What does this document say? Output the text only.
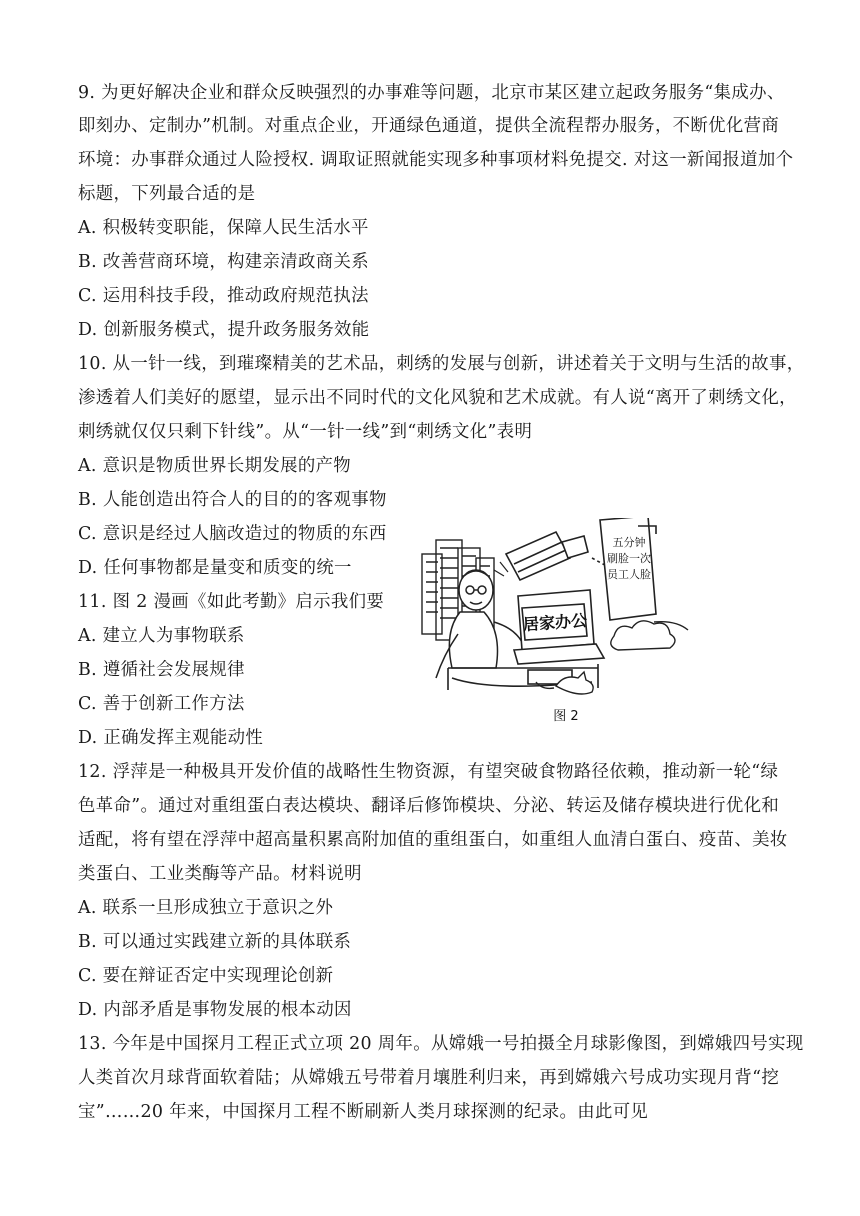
9. 为更好解决企业和群众反映强烈的办事难等问题，北京市某区建立起政务服务“集成办、
即刻办、定制办”机制。对重点企业，开通绿色通道，提供全流程帮办服务，不断优化营商
环境：办事群众通过人险授权. 调取证照就能实现多种事项材料免提交. 对这一新闻报道加个
标题，下列最合适的是
A. 积极转变职能，保障人民生活水平
B. 改善营商环境，构建亲清政商关系
C. 运用科技手段，推动政府规范执法
D. 创新服务模式，提升政务服务效能
10. 从一针一线，到璀璨精美的艺术品，刺绣的发展与创新，讲述着关于文明与生活的故事，
渗透着人们美好的愿望，显示出不同时代的文化风貌和艺术成就。有人说“离开了刺绣文化，
刺绣就仅仅只剩下针线”。从“一针一线”到“刺绣文化”表明
A. 意识是物质世界长期发展的产物
B. 人能创造出符合人的目的的客观事物
C. 意识是经过人脑改造过的物质的东西
D. 任何事物都是量变和质变的统一
11. 图 2 漫画《如此考勤》启示我们要
A. 建立人为事物联系
B. 遵循社会发展规律
C. 善于创新工作方法
D. 正确发挥主观能动性
12. 浮萍是一种极具开发价值的战略性生物资源，有望突破食物路径依赖，推动新一轮“绿
色革命”。通过对重组蛋白表达模块、翻译后修饰模块、分泌、转运及储存模块进行优化和
适配，将有望在浮萍中超高量积累高附加值的重组蛋白，如重组人血清白蛋白、疫苗、美妆
类蛋白、工业类酶等产品。材料说明
A. 联系一旦形成独立于意识之外
B. 可以通过实践建立新的具体联系
C. 要在辩证否定中实现理论创新
D. 内部矛盾是事物发展的根本动因
13. 今年是中国探月工程正式立项 20 周年。从嫦娥一号拍摄全月球影像图，到嫦娥四号实现
人类首次月球背面软着陆；从嫦娥五号带着月壤胜利归来，再到嫦娥六号成功实现月背“挖
宝”……20 年来，中国探月工程不断刷新人类月球探测的纪录。由此可见
居家办公
五分钟
刷脸一次
员工人脸
图 2
